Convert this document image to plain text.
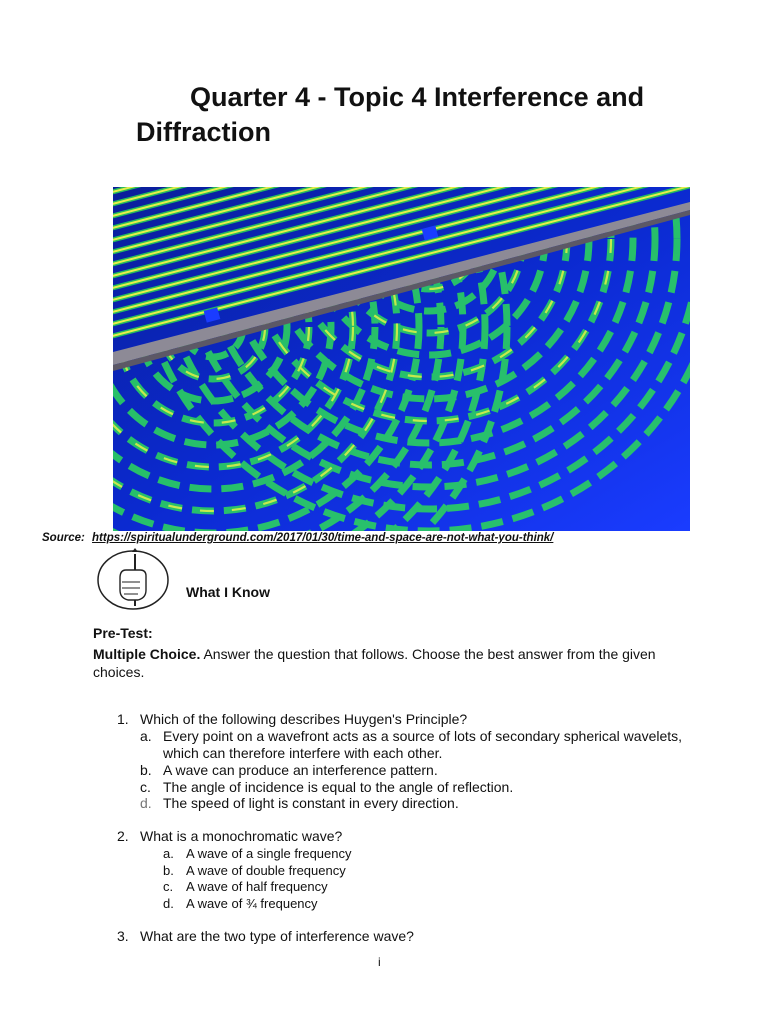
Quarter 4 - Topic 4 Interference and
Diffraction
Source: https://spiritualunderground.com/2017/01/30/time-and-space-are-not-what-you-think/
What I Know
Pre-Test:
Multiple Choice. Answer the question that follows. Choose the best answer from the given choices.
1. Which of the following describes Huygen's Principle?
a. Every point on a wavefront acts as a source of lots of secondary spherical wavelets, which can therefore interfere with each other.
b. A wave can produce an interference pattern.
c. The angle of incidence is equal to the angle of reflection.
d. The speed of light is constant in every direction.
2. What is a monochromatic wave?
a. A wave of a single frequency
b. A wave of double frequency
c. A wave of half frequency
d. A wave of ¾ frequency
3. What are the two type of interference wave?
i
